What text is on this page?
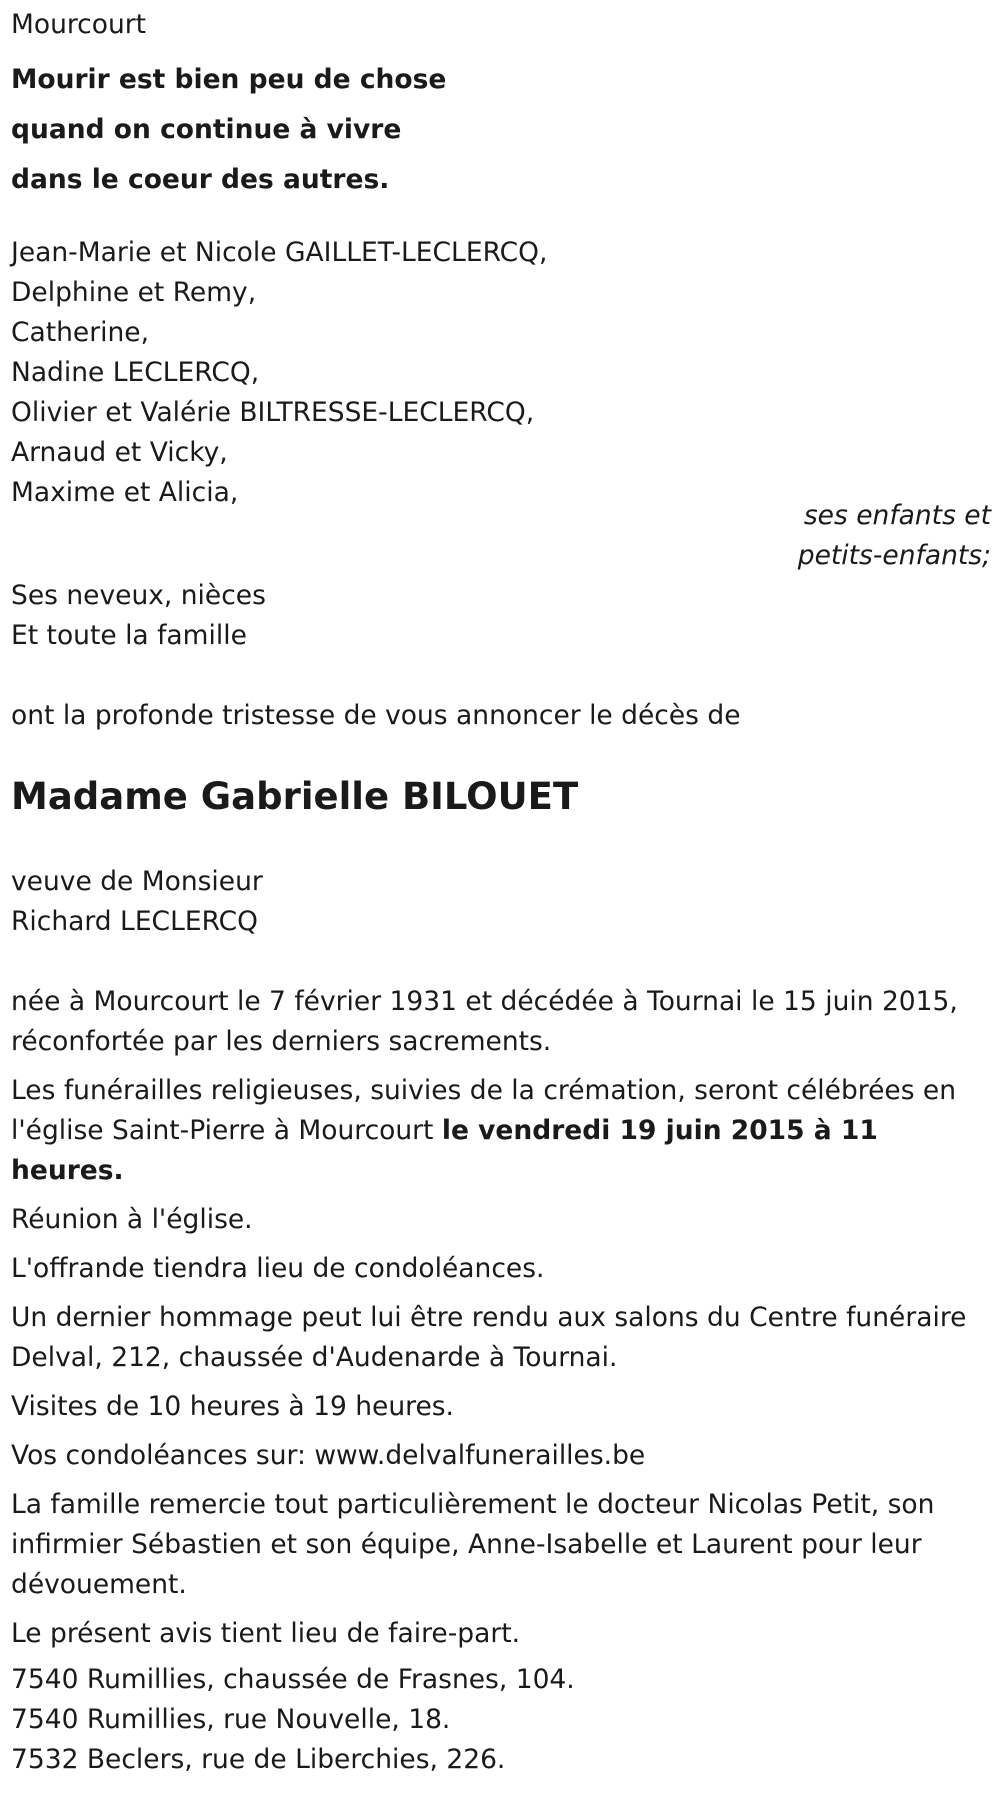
Mourcourt
Mourir est bien peu de chose
quand on continue à vivre
dans le coeur des autres.
Jean-Marie et Nicole GAILLET-LECLERCQ,
Delphine et Remy,
Catherine,
Nadine LECLERCQ,
Olivier et Valérie BILTRESSE-LECLERCQ,
Arnaud et Vicky,
Maxime et Alicia,
ses enfants et
petits-enfants;
Ses neveux, nièces
Et toute la famille
ont la profonde tristesse de vous annoncer le décès de
Madame Gabrielle BILOUET
veuve de Monsieur
Richard LECLERCQ

née à Mourcourt le 7 février 1931 et décédée à Tournai le 15 juin 2015, réconfortée par les derniers sacrements.

Les funérailles religieuses, suivies de la crémation, seront célébrées en l'église Saint-Pierre à Mourcourt le vendredi 19 juin 2015 à 11 heures.

Réunion à l'église.

L'offrande tiendra lieu de condoléances.

Un dernier hommage peut lui être rendu aux salons du Centre funéraire Delval, 212, chaussée d'Audenarde à Tournai.

Visites de 10 heures à 19 heures.

Vos condoléances sur: www.delvalfunerailles.be

La famille remercie tout particulièrement le docteur Nicolas Petit, son infirmier Sébastien et son équipe, Anne-Isabelle et Laurent pour leur dévouement.

Le présent avis tient lieu de faire-part.

7540 Rumillies, chaussée de Frasnes, 104.
7540 Rumillies, rue Nouvelle, 18.
7532 Beclers, rue de Liberchies, 226.
